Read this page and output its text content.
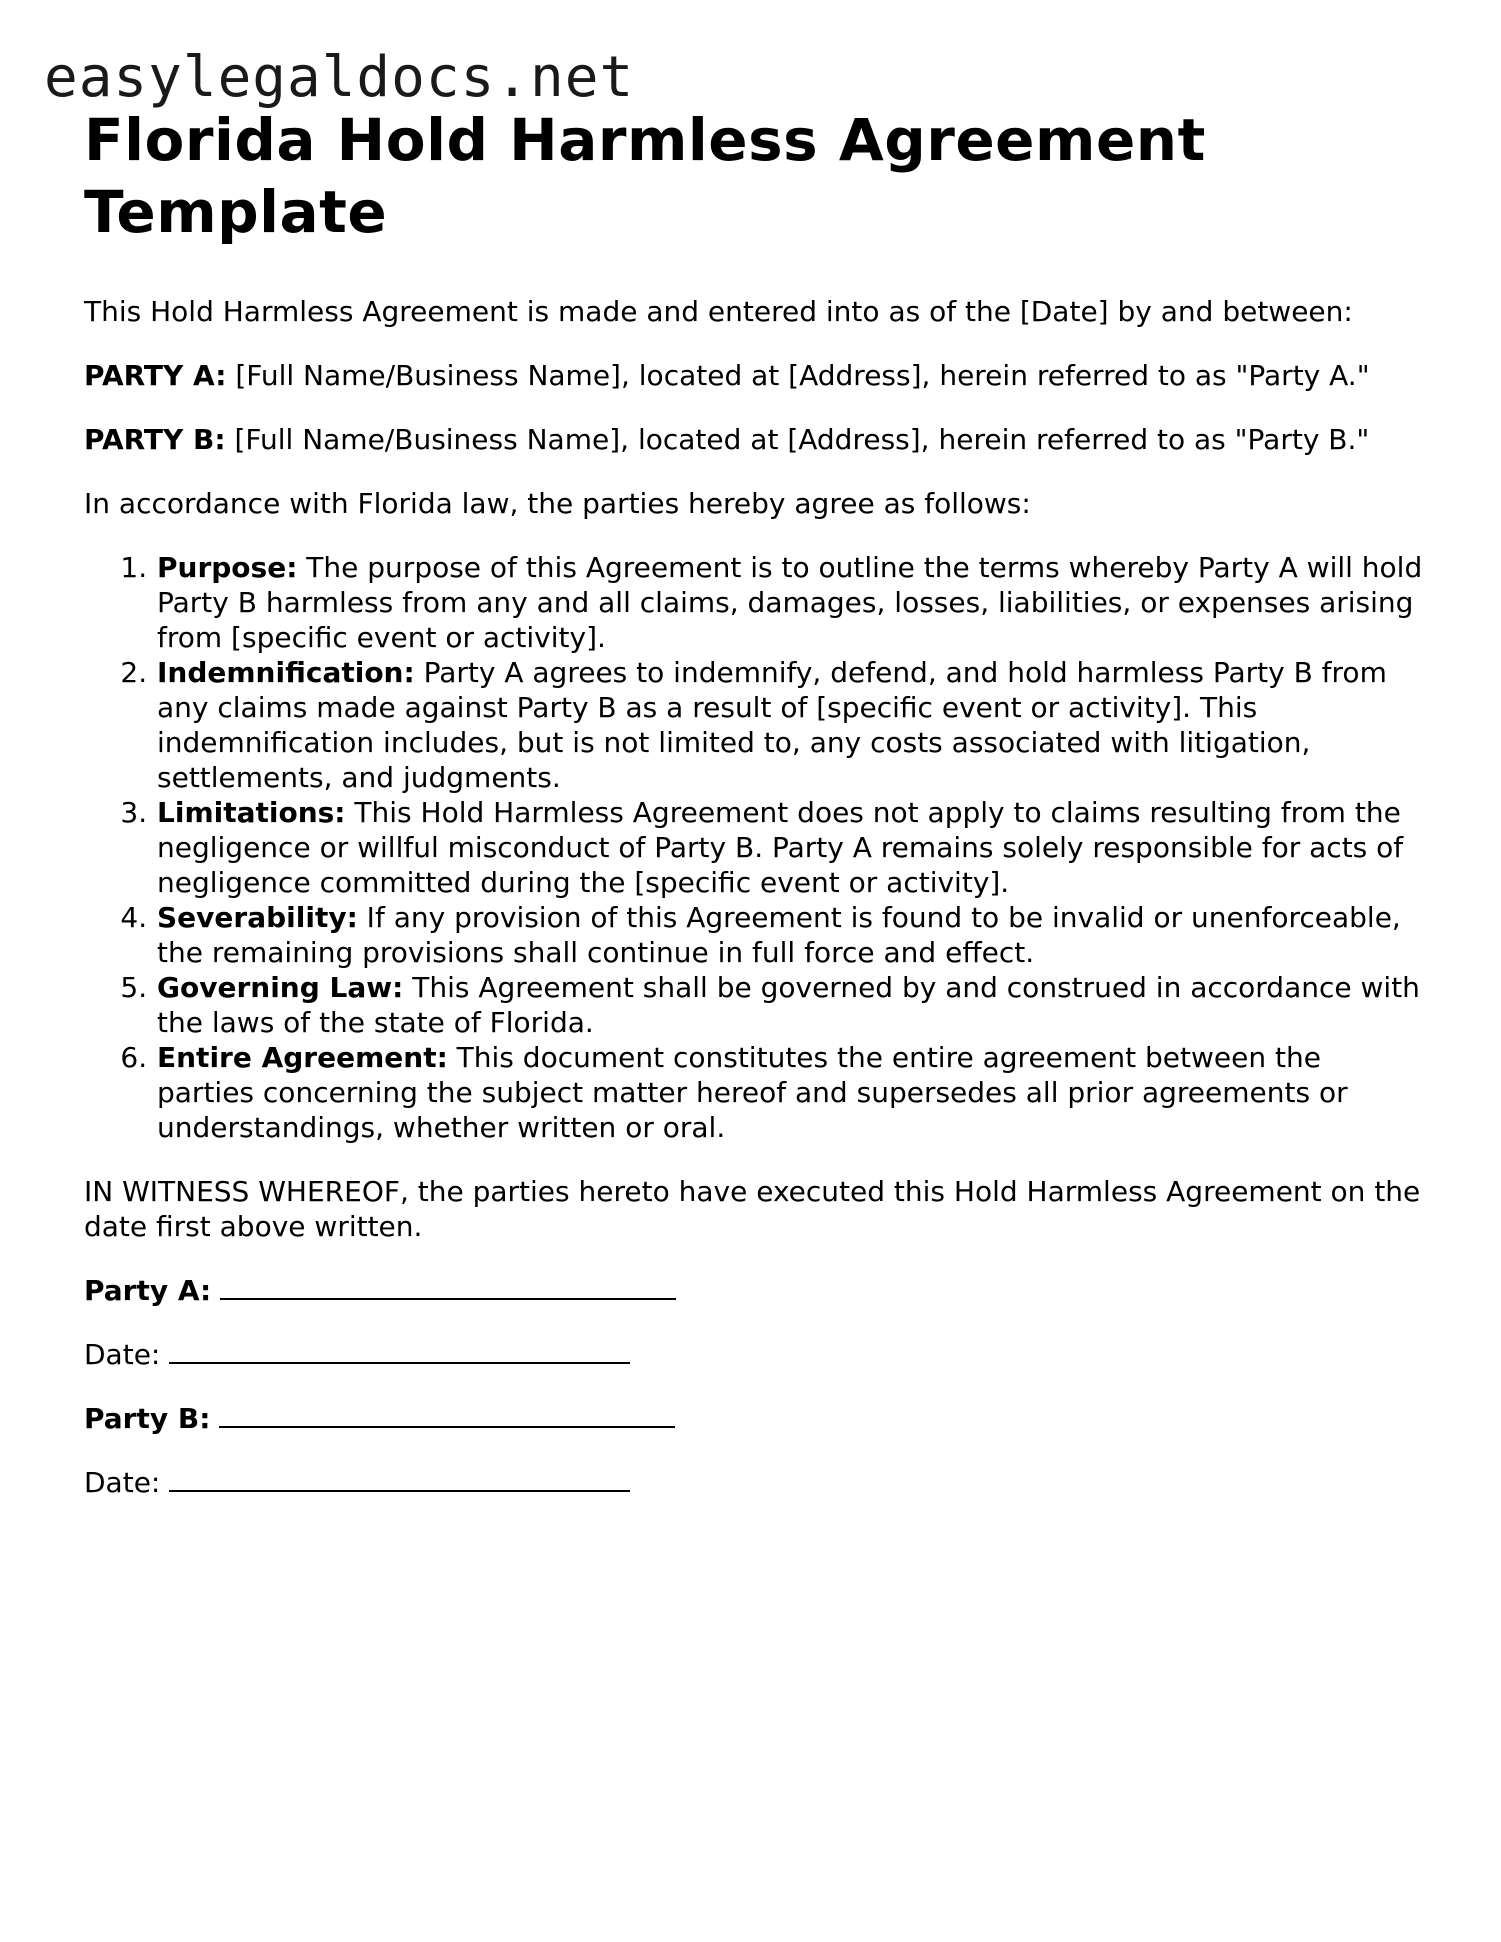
easylegaldocs.net
Florida Hold Harmless Agreement Template

This Hold Harmless Agreement is made and entered into as of the [Date] by and between:

PARTY A: [Full Name/Business Name], located at [Address], herein referred to as "Party A."

PARTY B: [Full Name/Business Name], located at [Address], herein referred to as "Party B."

In accordance with Florida law, the parties hereby agree as follows:

1. Purpose: The purpose of this Agreement is to outline the terms whereby Party A will hold Party B harmless from any and all claims, damages, losses, liabilities, or expenses arising from [specific event or activity].
2. Indemnification: Party A agrees to indemnify, defend, and hold harmless Party B from any claims made against Party B as a result of [specific event or activity]. This indemnification includes, but is not limited to, any costs associated with litigation, settlements, and judgments.
3. Limitations: This Hold Harmless Agreement does not apply to claims resulting from the negligence or willful misconduct of Party B. Party A remains solely responsible for acts of negligence committed during the [specific event or activity].
4. Severability: If any provision of this Agreement is found to be invalid or unenforceable, the remaining provisions shall continue in full force and effect.
5. Governing Law: This Agreement shall be governed by and construed in accordance with the laws of the state of Florida.
6. Entire Agreement: This document constitutes the entire agreement between the parties concerning the subject matter hereof and supersedes all prior agreements or understandings, whether written or oral.

IN WITNESS WHEREOF, the parties hereto have executed this Hold Harmless Agreement on the date first above written.

Party A:

Date:

Party B:

Date:
